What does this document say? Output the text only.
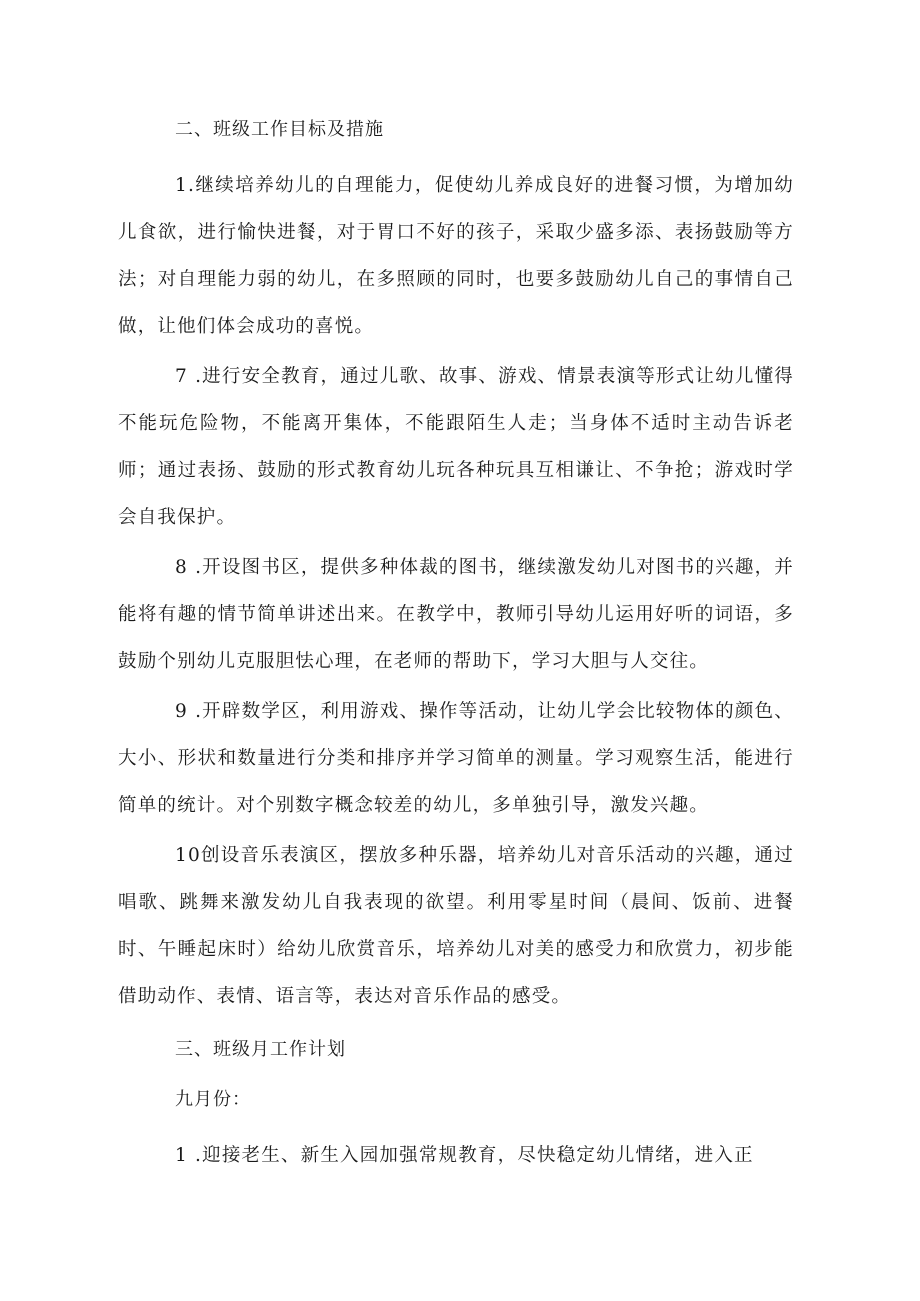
二、班级工作目标及措施

1.继续培养幼儿的自理能力，促使幼儿养成良好的进餐习惯，为增加幼儿食欲，进行愉快进餐，对于胃口不好的孩子，采取少盛多添、表扬鼓励等方法；对自理能力弱的幼儿，在多照顾的同时，也要多鼓励幼儿自己的事情自己做，让他们体会成功的喜悦。

7 .进行安全教育，通过儿歌、故事、游戏、情景表演等形式让幼儿懂得不能玩危险物，不能离开集体，不能跟陌生人走；当身体不适时主动告诉老师；通过表扬、鼓励的形式教育幼儿玩各种玩具互相谦让、不争抢；游戏时学会自我保护。

8 .开设图书区，提供多种体裁的图书，继续激发幼儿对图书的兴趣，并能将有趣的情节简单讲述出来。在教学中，教师引导幼儿运用好听的词语，多鼓励个别幼儿克服胆怯心理，在老师的帮助下，学习大胆与人交往。

9 .开辟数学区，利用游戏、操作等活动，让幼儿学会比较物体的颜色、大小、形状和数量进行分类和排序并学习简单的测量。学习观察生活，能进行简单的统计。对个别数字概念较差的幼儿，多单独引导，激发兴趣。

10创设音乐表演区，摆放多种乐器，培养幼儿对音乐活动的兴趣，通过唱歌、跳舞来激发幼儿自我表现的欲望。利用零星时间（晨间、饭前、进餐时、午睡起床时）给幼儿欣赏音乐，培养幼儿对美的感受力和欣赏力，初步能借助动作、表情、语言等，表达对音乐作品的感受。

三、班级月工作计划
九月份：

1 .迎接老生、新生入园加强常规教育，尽快稳定幼儿情绪，进入正
